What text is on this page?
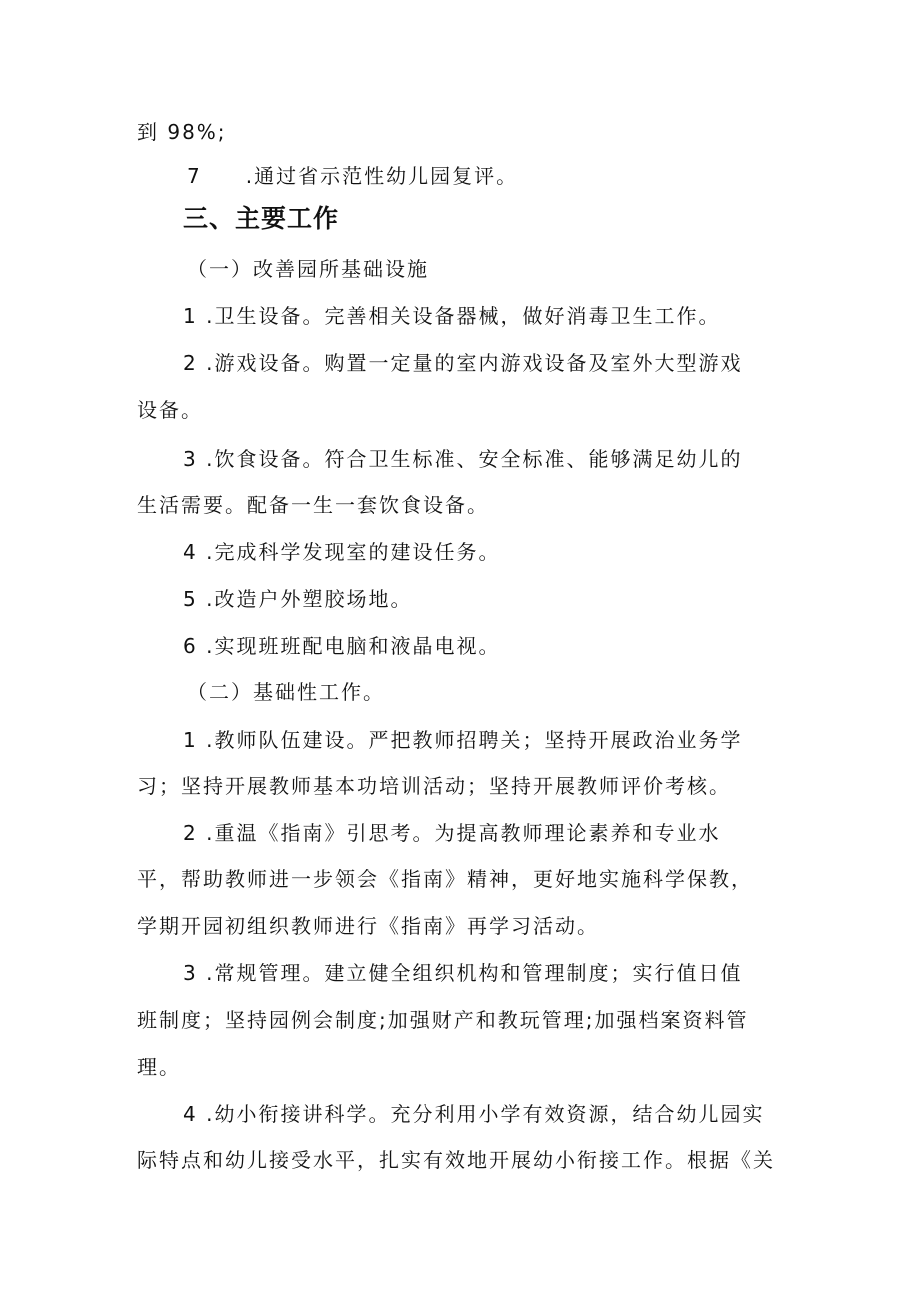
到 98%;
7　　.通过省示范性幼儿园复评。
三、主要工作
（一）改善园所基础设施
1 .卫生设备。完善相关设备器械，做好消毒卫生工作。
2 .游戏设备。购置一定量的室内游戏设备及室外大型游戏
设备。
3 .饮食设备。符合卫生标准、安全标准、能够满足幼儿的
生活需要。配备一生一套饮食设备。
4 .完成科学发现室的建设任务。
5 .改造户外塑胶场地。
6 .实现班班配电脑和液晶电视。
（二）基础性工作。
1 .教师队伍建设。严把教师招聘关；坚持开展政治业务学
习；坚持开展教师基本功培训活动；坚持开展教师评价考核。
2 .重温《指南》引思考。为提高教师理论素养和专业水
平，帮助教师进一步领会《指南》精神，更好地实施科学保教，
学期开园初组织教师进行《指南》再学习活动。
3 .常规管理。建立健全组织机构和管理制度；实行值日值
班制度；坚持园例会制度;加强财产和教玩管理;加强档案资料管
理。
4 .幼小衔接讲科学。充分利用小学有效资源，结合幼儿园实
际特点和幼儿接受水平，扎实有效地开展幼小衔接工作。根据《关
